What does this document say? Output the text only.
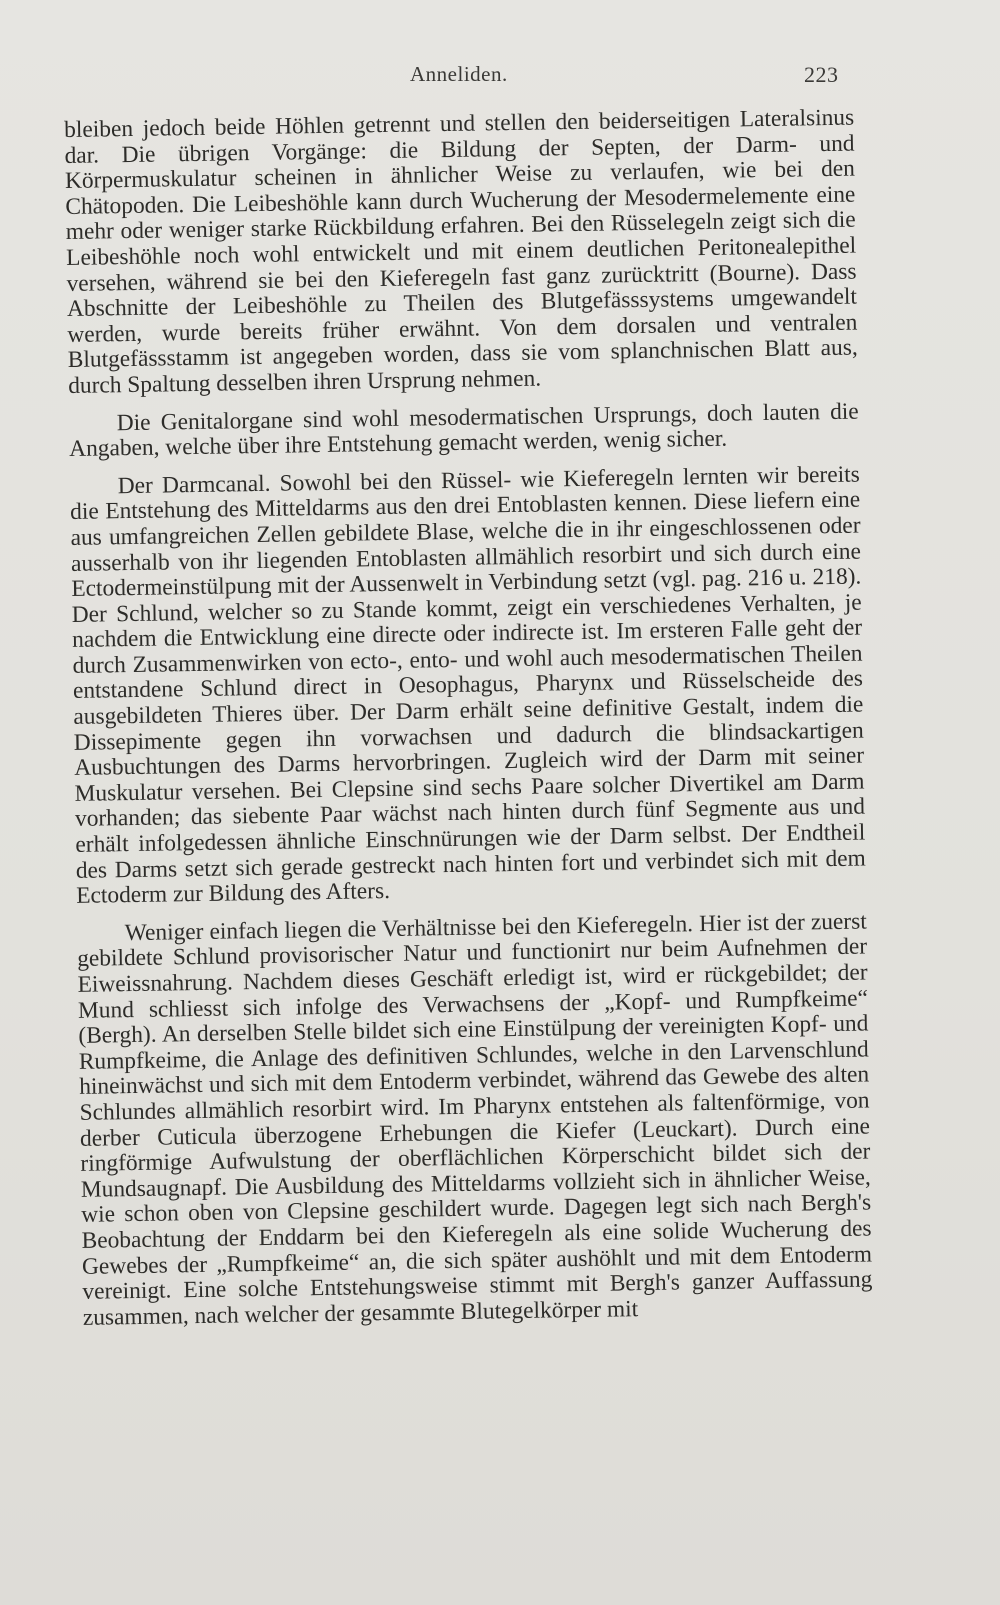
Anneliden.	223

bleiben jedoch beide Höhlen getrennt und stellen den beiderseitigen Lateralsinus dar. Die übrigen Vorgänge: die Bildung der Septen, der Darm- und Körpermuskulatur scheinen in ähnlicher Weise zu verlaufen, wie bei den Chätopoden. Die Leibeshöhle kann durch Wucherung der Mesodermelemente eine mehr oder weniger starke Rückbildung erfahren. Bei den Rüsselegeln zeigt sich die Leibeshöhle noch wohl entwickelt und mit einem deutlichen Peritonealepithel versehen, während sie bei den Kieferegeln fast ganz zurücktritt (Bourne). Dass Abschnitte der Leibeshöhle zu Theilen des Blutgefässsystems umgewandelt werden, wurde bereits früher erwähnt. Von dem dorsalen und ventralen Blutgefässstamm ist angegeben worden, dass sie vom splanchnischen Blatt aus, durch Spaltung desselben ihren Ursprung nehmen.

Die Genitalorgane sind wohl mesodermatischen Ursprungs, doch lauten die Angaben, welche über ihre Entstehung gemacht werden, wenig sicher.

Der Darmcanal. Sowohl bei den Rüssel- wie Kieferegeln lernten wir bereits die Entstehung des Mitteldarms aus den drei Entoblasten kennen. Diese liefern eine aus umfangreichen Zellen gebildete Blase, welche die in ihr eingeschlossenen oder ausserhalb von ihr liegenden Entoblasten allmählich resorbirt und sich durch eine Ectodermeinstülpung mit der Aussenwelt in Verbindung setzt (vgl. pag. 216 u. 218). Der Schlund, welcher so zu Stande kommt, zeigt ein verschiedenes Verhalten, je nachdem die Entwicklung eine directe oder indirecte ist. Im ersteren Falle geht der durch Zusammenwirken von ecto-, ento- und wohl auch mesodermatischen Theilen entstandene Schlund direct in Oesophagus, Pharynx und Rüsselscheide des ausgebildeten Thieres über. Der Darm erhält seine definitive Gestalt, indem die Dissepimente gegen ihn vorwachsen und dadurch die blindsackartigen Ausbuchtungen des Darms hervorbringen. Zugleich wird der Darm mit seiner Muskulatur versehen. Bei Clepsine sind sechs Paare solcher Divertikel am Darm vorhanden; das siebente Paar wächst nach hinten durch fünf Segmente aus und erhält infolgedessen ähnliche Einschnürungen wie der Darm selbst. Der Endtheil des Darms setzt sich gerade gestreckt nach hinten fort und verbindet sich mit dem Ectoderm zur Bildung des Afters.

Weniger einfach liegen die Verhältnisse bei den Kieferegeln. Hier ist der zuerst gebildete Schlund provisorischer Natur und functionirt nur beim Aufnehmen der Eiweissnahrung. Nachdem dieses Geschäft erledigt ist, wird er rückgebildet; der Mund schliesst sich infolge des Verwachsens der „Kopf- und Rumpfkeime“ (Bergh). An derselben Stelle bildet sich eine Einstülpung der vereinigten Kopf- und Rumpfkeime, die Anlage des definitiven Schlundes, welche in den Larvenschlund hineinwächst und sich mit dem Entoderm verbindet, während das Gewebe des alten Schlundes allmählich resorbirt wird. Im Pharynx entstehen als faltenförmige, von derber Cuticula überzogene Erhebungen die Kiefer (Leuckart). Durch eine ringförmige Aufwulstung der oberflächlichen Körperschicht bildet sich der Mundsaugnapf. Die Ausbildung des Mitteldarms vollzieht sich in ähnlicher Weise, wie schon oben von Clepsine geschildert wurde. Dagegen legt sich nach Bergh's Beobachtung der Enddarm bei den Kieferegeln als eine solide Wucherung des Gewebes der „Rumpfkeime“ an, die sich später aushöhlt und mit dem Entoderm vereinigt. Eine solche Entstehungsweise stimmt mit Bergh's ganzer Auffassung zusammen, nach welcher der gesammte Blutegelkörper mit
